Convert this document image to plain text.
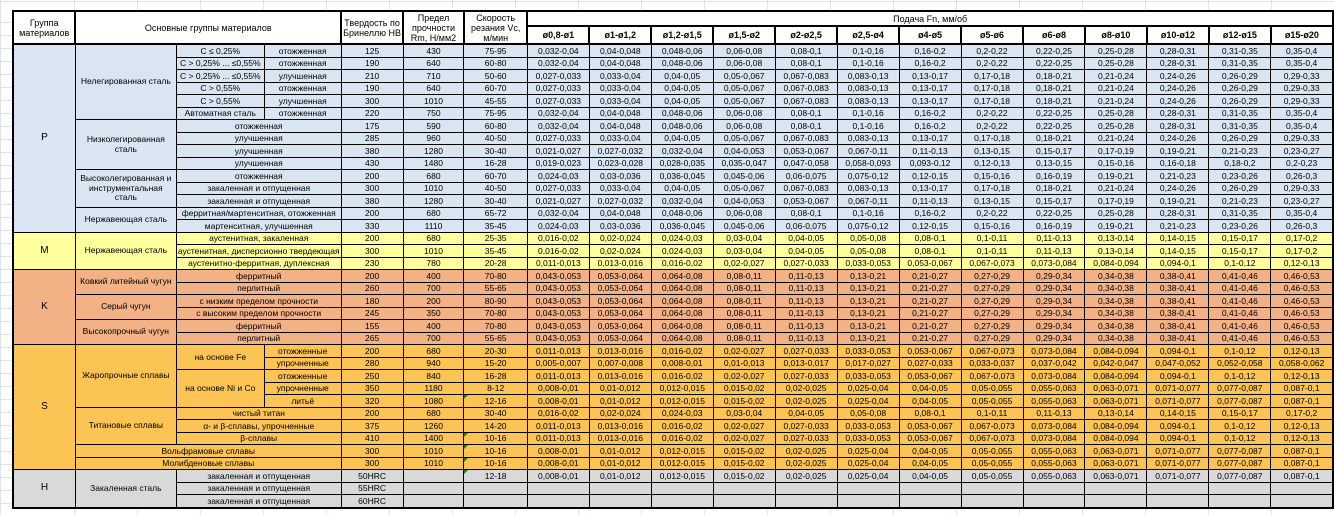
Группа материалов	Основные группы материалов			Твердость по Бринеллю НВ	Предел прочности Rm, Н/мм2	Скорость резания Vc, м/мин	Подача Fn, мм/об												
							ø0,8-ø1	ø1-ø1,2	ø1,2-ø1,5	ø1,5-ø2	ø2-ø2,5	ø2,5-ø4	ø4-ø5	ø5-ø6	ø6-ø8	ø8-ø10	ø10-ø12	ø12-ø15	ø15-ø20
P	Нелегированная сталь	C ≤ 0,25%	отожженная	125	430	75-95	0,032-0,04	0,04-0,048	0,048-0,06	0,06-0,08	0,08-0,1	0,1-0,16	0,16-0,2	0,2-0,22	0,22-0,25	0,25-0,28	0,28-0,31	0,31-0,35	0,35-0,4
		C > 0,25% ... ≤0,55%	отожженная	190	640	60-80	0,032-0,04	0,04-0,048	0,048-0,06	0,06-0,08	0,08-0,1	0,1-0,16	0,16-0,2	0,2-0,22	0,22-0,25	0,25-0,28	0,28-0,31	0,31-0,35	0,35-0,4
		C > 0,25% ... ≤0,55%	улучшенная	210	710	50-60	0,027-0,033	0,033-0,04	0,04-0,05	0,05-0,067	0,067-0,083	0,083-0,13	0,13-0,17	0,17-0,18	0,18-0,21	0,21-0,24	0,24-0,26	0,26-0,29	0,29-0,33
		C > 0,55%	отожженная	190	640	60-70	0,027-0,033	0,033-0,04	0,04-0,05	0,05-0,067	0,067-0,083	0,083-0,13	0,13-0,17	0,17-0,18	0,18-0,21	0,21-0,24	0,24-0,26	0,26-0,29	0,29-0,33
		C > 0,55%	улучшенная	300	1010	45-55	0,027-0,033	0,033-0,04	0,04-0,05	0,05-0,067	0,067-0,083	0,083-0,13	0,13-0,17	0,17-0,18	0,18-0,21	0,21-0,24	0,24-0,26	0,26-0,29	0,29-0,33
		Автоматная сталь	отожженная	220	750	75-95	0,032-0,04	0,04-0,048	0,048-0,06	0,06-0,08	0,08-0,1	0,1-0,16	0,16-0,2	0,2-0,22	0,22-0,25	0,25-0,28	0,28-0,31	0,31-0,35	0,35-0,4
	Низколегированная сталь	отожженная		175	590	60-80	0,032-0,04	0,04-0,048	0,048-0,06	0,06-0,08	0,08-0,1	0,1-0,16	0,16-0,2	0,2-0,22	0,22-0,25	0,25-0,28	0,28-0,31	0,31-0,35	0,35-0,4
		улучшенная		285	960	40-50	0,027-0,033	0,033-0,04	0,04-0,05	0,05-0,067	0,067-0,083	0,083-0,13	0,13-0,17	0,17-0,18	0,18-0,21	0,21-0,24	0,24-0,26	0,26-0,29	0,29-0,33
		улучшенная		380	1280	30-40	0,021-0,027	0,027-0,032	0,032-0,04	0,04-0,053	0,053-0,067	0,067-0,11	0,11-0,13	0,13-0,15	0,15-0,17	0,17-0,19	0,19-0,21	0,21-0,23	0,23-0,27
		улучшенная		430	1480	16-28	0,019-0,023	0,023-0,028	0,028-0,035	0,035-0,047	0,047-0,058	0,058-0,093	0,093-0,12	0,12-0,13	0,13-0,15	0,15-0,16	0,16-0,18	0,18-0,2	0,2-0,23
	Высоколегированная и инструментальная сталь	отожженная		200	680	60-70	0,024-0,03	0,03-0,036	0,036-0,045	0,045-0,06	0,06-0,075	0,075-0,12	0,12-0,15	0,15-0,16	0,16-0,19	0,19-0,21	0,21-0,23	0,23-0,26	0,26-0,3
		закаленная и отпущенная		300	1010	40-50	0,027-0,033	0,033-0,04	0,04-0,05	0,05-0,067	0,067-0,083	0,083-0,13	0,13-0,17	0,17-0,18	0,18-0,21	0,21-0,24	0,24-0,26	0,26-0,29	0,29-0,33
		закаленная и отпущенная		380	1280	30-40	0,021-0,027	0,027-0,032	0,032-0,04	0,04-0,053	0,053-0,067	0,067-0,11	0,11-0,13	0,13-0,15	0,15-0,17	0,17-0,19	0,19-0,21	0,21-0,23	0,23-0,27
	Нержавеющая сталь	ферритная/мартенситная, отожженная		200	680	65-72	0,032-0,04	0,04-0,048	0,048-0,06	0,06-0,08	0,08-0,1	0,1-0,16	0,16-0,2	0,2-0,22	0,22-0,25	0,25-0,28	0,28-0,31	0,31-0,35	0,35-0,4
		мартенситная, улучшенная		330	1110	35-45	0,024-0,03	0,03-0,036	0,036-0,045	0,045-0,06	0,06-0,075	0,075-0,12	0,12-0,15	0,15-0,16	0,16-0,19	0,19-0,21	0,21-0,23	0,23-0,26	0,26-0,3
M	Нержавеющая сталь	аустенитная, закаленная		200	680	25-35	0,016-0,02	0,02-0,024	0,024-0,03	0,03-0,04	0,04-0,05	0,05-0,08	0,08-0,1	0,1-0,11	0,11-0,13	0,13-0,14	0,14-0,15	0,15-0,17	0,17-0,2
		аустенитная, дисперсионно твердеющая		300	1010	35-45	0,016-0,02	0,02-0,024	0,024-0,03	0,03-0,04	0,04-0,05	0,05-0,08	0,08-0,1	0,1-0,11	0,11-0,13	0,13-0,14	0,14-0,15	0,15-0,17	0,17-0,2
		аустенитно-ферритная, дуплексная		230	780	20-28	0,011-0,013	0,013-0,016	0,016-0,02	0,02-0,027	0,027-0,033	0,033-0,053	0,053-0,067	0,067-0,073	0,073-0,084	0,084-0,094	0,094-0,1	0,1-0,12	0,12-0,13
K	Ковкий литейный чугун	ферритный		200	400	70-80	0,043-0,053	0,053-0,064	0,064-0,08	0,08-0,11	0,11-0,13	0,13-0,21	0,21-0,27	0,27-0,29	0,29-0,34	0,34-0,38	0,38-0,41	0,41-0,46	0,46-0,53
		перлитный		260	700	55-65	0,043-0,053	0,053-0,064	0,064-0,08	0,08-0,11	0,11-0,13	0,13-0,21	0,21-0,27	0,27-0,29	0,29-0,34	0,34-0,38	0,38-0,41	0,41-0,46	0,46-0,53
	Серый чугун	с низким пределом прочности		180	200	80-90	0,043-0,053	0,053-0,064	0,064-0,08	0,08-0,11	0,11-0,13	0,13-0,21	0,21-0,27	0,27-0,29	0,29-0,34	0,34-0,38	0,38-0,41	0,41-0,46	0,46-0,53
		с высоким пределом прочности		245	350	70-80	0,043-0,053	0,053-0,064	0,064-0,08	0,08-0,11	0,11-0,13	0,13-0,21	0,21-0,27	0,27-0,29	0,29-0,34	0,34-0,38	0,38-0,41	0,41-0,46	0,46-0,53
	Высокопрочный чугун	ферритный		155	400	70-80	0,043-0,053	0,053-0,064	0,064-0,08	0,08-0,11	0,11-0,13	0,13-0,21	0,21-0,27	0,27-0,29	0,29-0,34	0,34-0,38	0,38-0,41	0,41-0,46	0,46-0,53
		перлитный		265	700	55-65	0,043-0,053	0,053-0,064	0,064-0,08	0,08-0,11	0,11-0,13	0,13-0,21	0,21-0,27	0,27-0,29	0,29-0,34	0,34-0,38	0,38-0,41	0,41-0,46	0,46-0,53
S	Жаропрочные сплавы	на основе Fe	отожженные	200	680	20-30	0,011-0,013	0,013-0,016	0,016-0,02	0,02-0,027	0,027-0,033	0,033-0,053	0,053-0,067	0,067-0,073	0,073-0,084	0,084-0,094	0,094-0,1	0,1-0,12	0,12-0,13
			упрочненные	280	940	15-20	0,005-0,007	0,007-0,008	0,008-0,01	0,01-0,013	0,013-0,017	0,017-0,027	0,027-0,033	0,033-0,037	0,037-0,042	0,042-0,047	0,047-0,052	0,052-0,058	0,058-0,062
		на основе Ni и Co	отожженные	250	840	16-28	0,011-0,013	0,013-0,016	0,016-0,02	0,02-0,027	0,027-0,033	0,033-0,053	0,053-0,067	0,067-0,073	0,073-0,084	0,084-0,094	0,094-0,1	0,1-0,12	0,12-0,13
			упрочненные	350	1180	8-12	0,008-0,01	0,01-0,012	0,012-0,015	0,015-0,02	0,02-0,025	0,025-0,04	0,04-0,05	0,05-0,055	0,055-0,063	0,063-0,071	0,071-0,077	0,077-0,087	0,087-0,1
			литьё	320	1080	12-16	0,008-0,01	0,01-0,012	0,012-0,015	0,015-0,02	0,02-0,025	0,025-0,04	0,04-0,05	0,05-0,055	0,055-0,063	0,063-0,071	0,071-0,077	0,077-0,087	0,087-0,1
	Титановые сплавы	чистый титан		200	680	30-40	0,016-0,02	0,02-0,024	0,024-0,03	0,03-0,04	0,04-0,05	0,05-0,08	0,08-0,1	0,1-0,11	0,11-0,13	0,13-0,14	0,14-0,15	0,15-0,17	0,17-0,2
		α- и β-сплавы, упрочненные		375	1260	14-20	0,011-0,013	0,013-0,016	0,016-0,02	0,02-0,027	0,027-0,033	0,033-0,053	0,053-0,067	0,067-0,073	0,073-0,084	0,084-0,094	0,094-0,1	0,1-0,12	0,12-0,13
		β-сплавы		410	1400	10-16	0,011-0,013	0,013-0,016	0,016-0,02	0,02-0,027	0,027-0,033	0,033-0,053	0,053-0,067	0,067-0,073	0,073-0,084	0,084-0,094	0,094-0,1	0,1-0,12	0,12-0,13
	Вольфрамовые сплавы			300	1010	10-16	0,008-0,01	0,01-0,012	0,012-0,015	0,015-0,02	0,02-0,025	0,025-0,04	0,04-0,05	0,05-0,055	0,055-0,063	0,063-0,071	0,071-0,077	0,077-0,087	0,087-0,1
	Молибденовые сплавы			300	1010	10-16	0,008-0,01	0,01-0,012	0,012-0,015	0,015-0,02	0,02-0,025	0,025-0,04	0,04-0,05	0,05-0,055	0,055-0,063	0,063-0,071	0,071-0,077	0,077-0,087	0,087-0,1
H	Закаленная сталь	закаленная и отпущенная		50HRC		12-18	0,008-0,01	0,01-0,012	0,012-0,015	0,015-0,02	0,02-0,025	0,025-0,04	0,04-0,05	0,05-0,055	0,055-0,063	0,063-0,071	0,071-0,077	0,077-0,087	0,087-0,1
		закаленная и отпущенная		55HRC															
		закаленная и отпущенная		60HRC															
